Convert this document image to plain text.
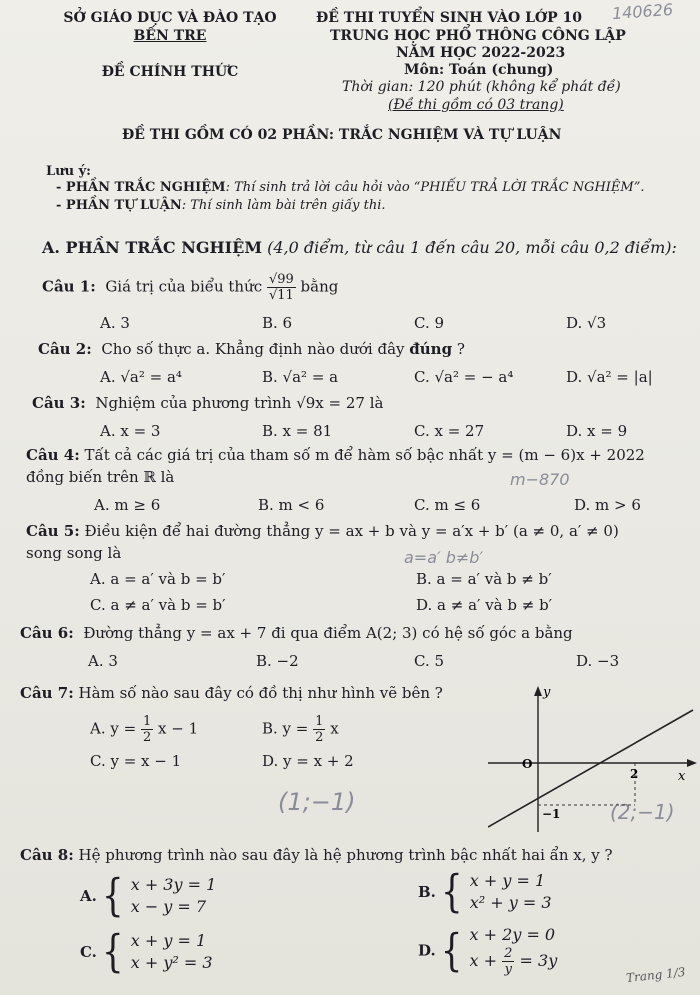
SỞ GIÁO DỤC VÀ ĐÀO TẠO
BẾN TRE
ĐỀ CHÍNH THỨC
ĐỀ THI TUYỂN SINH VÀO LỚP 10 140626
TRUNG HỌC PHỔ THÔNG CÔNG LẬP
NĂM HỌC 2022-2023
Môn: Toán (chung)
Thời gian: 120 phút (không kể phát đề)
(Đề thi gồm có 03 trang)
ĐỀ THI GỒM CÓ 02 PHẦN: TRẮC NGHIỆM VÀ TỰ LUẬN
Lưu ý:
- PHẦN TRẮC NGHIỆM: Thí sinh trả lời câu hỏi vào “PHIẾU TRẢ LỜI TRẮC NGHIỆM”.
- PHẦN TỰ LUẬN: Thí sinh làm bài trên giấy thi.
A. PHẦN TRẮC NGHIỆM (4,0 điểm, từ câu 1 đến câu 20, mỗi câu 0,2 điểm):
Câu 1: Giá trị của biểu thức $\frac{√99}{√11}$ bằng
A. 3	B. 6	C. 9	D. √3
Câu 2: Cho số thực a. Khẳng định nào dưới đây đúng ?
A. √a² = a⁴	B. √a² = a	C. √a² = − a⁴	D. √a² = |a|
Câu 3: Nghiệm của phương trình √9x = 27 là
A. x = 3	B. x = 81	C. x = 27	D. x = 9
Câu 4: Tất cả các giá trị của tham số m để hàm số bậc nhất y = (m − 6)x + 2022
đồng biến trên ℝ là	m−870
A. m ≥ 6	B. m < 6	C. m ≤ 6	D. m > 6
Câu 5: Điều kiện để hai đường thẳng y = ax + b và y = a′x + b′ (a ≠ 0, a′ ≠ 0)
song song là	a=a′ b≠b′
A. a = a′ và b = b′	B. a = a′ và b ≠ b′
C. a ≠ a′ và b = b′	D. a ≠ a′ và b ≠ b′
Câu 6: Đường thẳng y = ax + 7 đi qua điểm A(2; 3) có hệ số góc a bằng
A. 3	B. −2	C. 5	D. −3
Câu 7: Hàm số nào sau đây có đồ thị như hình vẽ bên ?
A. $y = \frac{1}{2}$ x − 1	B. $y = \frac{1}{2}$ x
C. y = x − 1	D. y = x + 2
(1;−1)	(2;−1)
y
x
O
2
−1
Câu 8: Hệ phương trình nào sau đây là hệ phương trình bậc nhất hai ẩn x, y ?
A. { x + 3y = 1
x − y = 7
B. { x + y = 1
x² + y = 3
C. { x + y = 1
x + y² = 3
D. { x + 2y = 0
$x + \frac{2}{y} = 3y$
Trang 1/3
